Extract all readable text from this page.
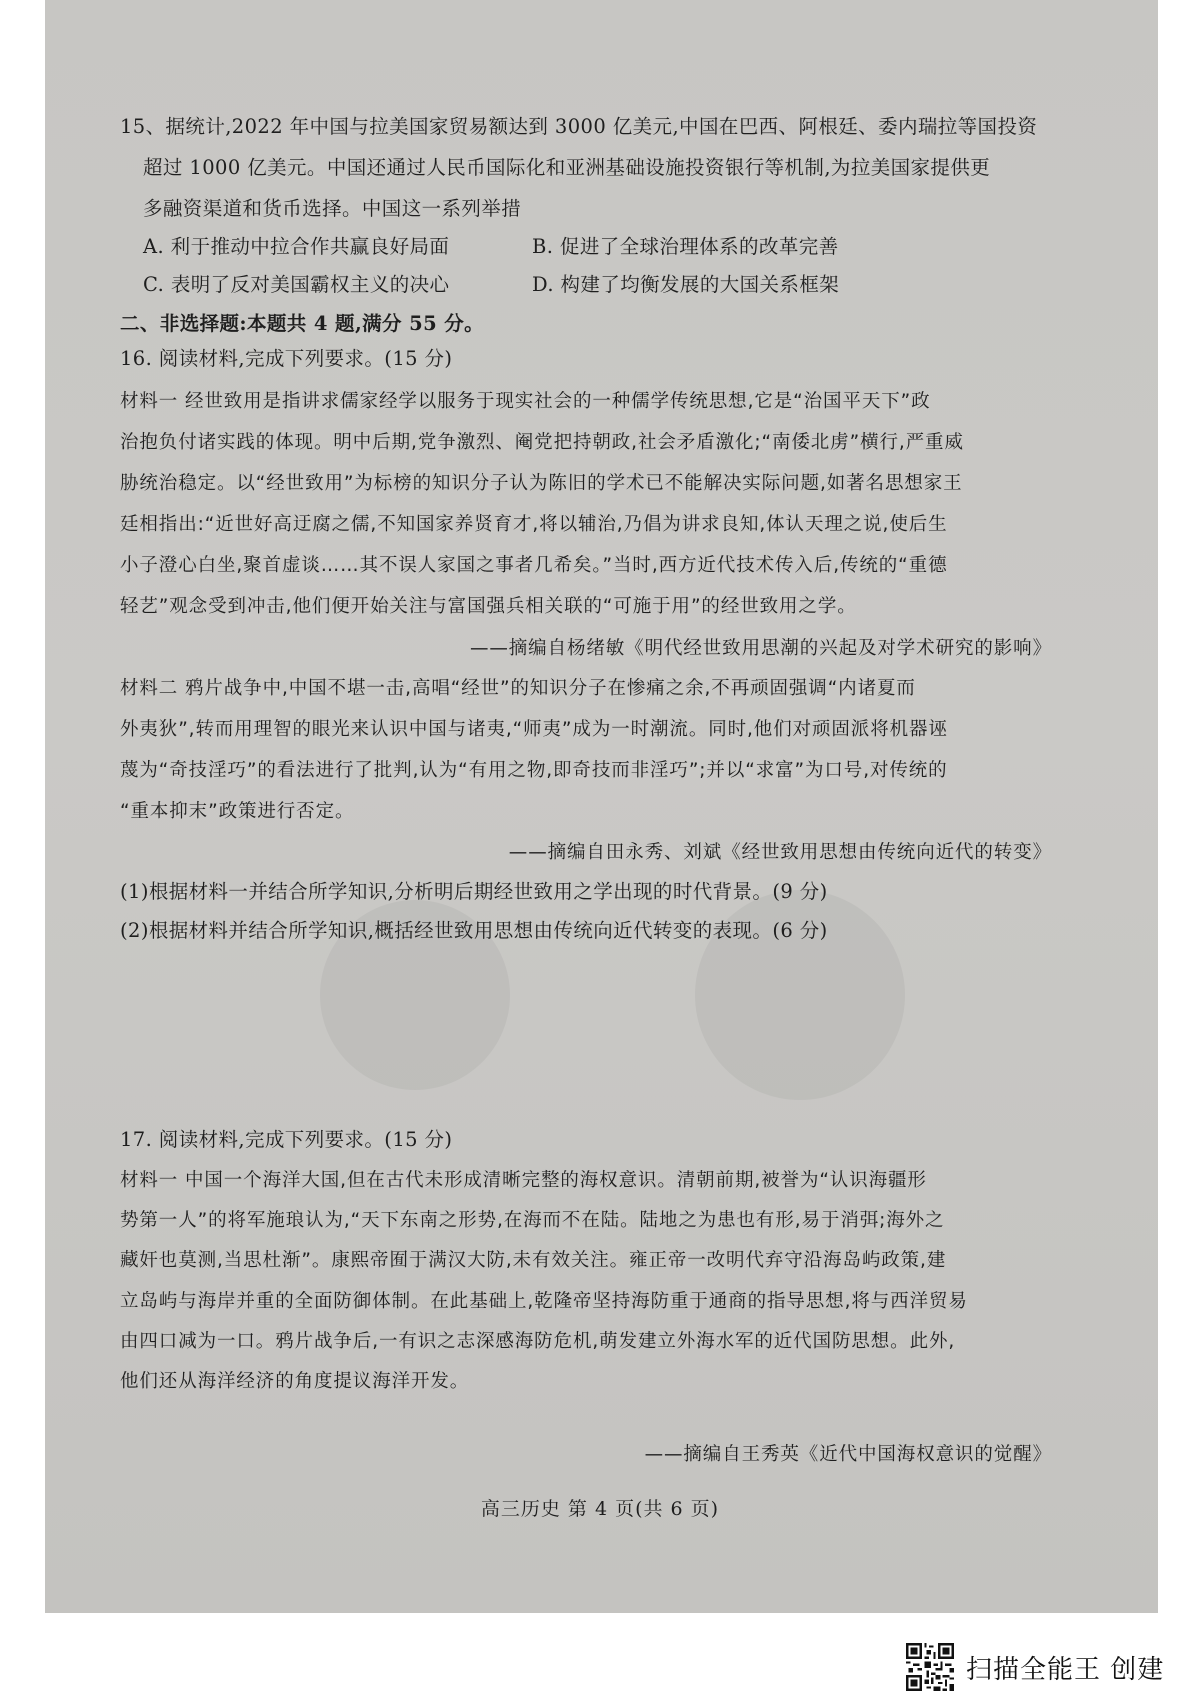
15、据统计,2022 年中国与拉美国家贸易额达到 3000 亿美元,中国在巴西、阿根廷、委内瑞拉等国投资
超过 1000 亿美元。中国还通过人民币国际化和亚洲基础设施投资银行等机制,为拉美国家提供更
多融资渠道和货币选择。中国这一系列举措
A. 利于推动中拉合作共赢良好局面	B. 促进了全球治理体系的改革完善
C. 表明了反对美国霸权主义的决心	D. 构建了均衡发展的大国关系框架
二、非选择题:本题共 4 题,满分 55 分。
16. 阅读材料,完成下列要求。(15 分)
材料一 经世致用是指讲求儒家经学以服务于现实社会的一种儒学传统思想,它是“治国平天下”政
治抱负付诸实践的体现。明中后期,党争激烈、阉党把持朝政,社会矛盾激化;“南倭北虏”横行,严重威
胁统治稳定。以“经世致用”为标榜的知识分子认为陈旧的学术已不能解决实际问题,如著名思想家王
廷相指出:“近世好高迂腐之儒,不知国家养贤育才,将以辅治,乃倡为讲求良知,体认天理之说,使后生
小子澄心白坐,聚首虚谈……其不误人家国之事者几希矣。”当时,西方近代技术传入后,传统的“重德
轻艺”观念受到冲击,他们便开始关注与富国强兵相关联的“可施于用”的经世致用之学。
——摘编自杨绪敏《明代经世致用思潮的兴起及对学术研究的影响》
材料二 鸦片战争中,中国不堪一击,高唱“经世”的知识分子在惨痛之余,不再顽固强调“内诸夏而
外夷狄”,转而用理智的眼光来认识中国与诸夷,“师夷”成为一时潮流。同时,他们对顽固派将机器诬
蔑为“奇技淫巧”的看法进行了批判,认为“有用之物,即奇技而非淫巧”;并以“求富”为口号,对传统的
“重本抑末”政策进行否定。
——摘编自田永秀、刘斌《经世致用思想由传统向近代的转变》
(1)根据材料一并结合所学知识,分析明后期经世致用之学出现的时代背景。(9 分)
(2)根据材料并结合所学知识,概括经世致用思想由传统向近代转变的表现。(6 分)
17. 阅读材料,完成下列要求。(15 分)
材料一 中国一个海洋大国,但在古代未形成清晰完整的海权意识。清朝前期,被誉为“认识海疆形
势第一人”的将军施琅认为,“天下东南之形势,在海而不在陆。陆地之为患也有形,易于消弭;海外之
藏奸也莫测,当思杜渐”。康熙帝囿于满汉大防,未有效关注。雍正帝一改明代弃守沿海岛屿政策,建
立岛屿与海岸并重的全面防御体制。在此基础上,乾隆帝坚持海防重于通商的指导思想,将与西洋贸易
由四口减为一口。鸦片战争后,一有识之志深感海防危机,萌发建立外海水军的近代国防思想。此外,
他们还从海洋经济的角度提议海洋开发。
——摘编自王秀英《近代中国海权意识的觉醒》
高三历史 第 4 页(共 6 页)
扫描全能王 创建
